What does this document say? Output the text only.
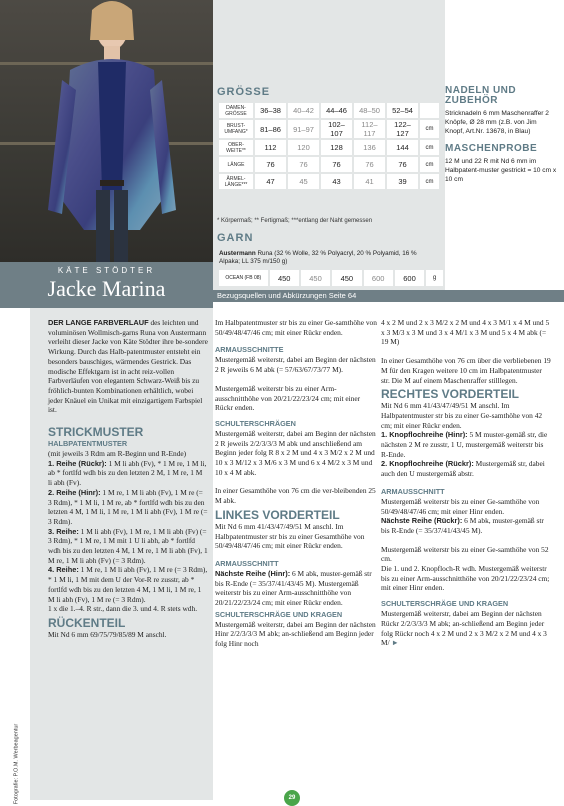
KÄTE STÖDTER
Jacke Marina
GRÖSSE
DAMEN-GRÖSSE	36–38	40–42	44–46	48–50	52–54	
BRUST-UMFANG*	81–86	91–97	102–107	112–117	122–127	cm
OBER-WEITE**	112	120	128	136	144	cm
LÄNGE	76	76	76	76	76	cm
ÄRMEL-LÄNGE***	47	45	43	41	39	cm
* Körpermaß; ** Fertigmaß; ***entlang der Naht gemessen
GARN
Austermann Runa (32 % Wolle, 32 % Polyacryl, 20 % Polyamid, 16 % Alpaka; LL 375 m/150 g)
OCEAN (FB 08)	450	450	450	600	600	g
Bezugsquellen und Abkürzungen Seite 64
NADELN UND ZUBEHÖR
Stricknadeln 6 mm Maschenraffer 2 Knöpfe, Ø 28 mm (z.B. von Jim Knopf, Art.Nr. 13678, in Blau)
MASCHENPROBE
12 M und 22 R mit Nd 6 mm im Halbpatent-muster gestrickt = 10 cm x 10 cm

DER LANGE FARBVERLAUF des leichten und voluminösen Wollmisch-garns Runa von Austermann verleiht dieser Jacke von Käte Stödter ihre be-sondere Wirkung. Durch das Halb-patentmuster entsteht ein besonders bauschiges, wärmendes Gestrick. Das modische Effektgarn ist in acht reiz-vollen Farbverläufen von elegantem Schwarz-Weiß bis zu fröhlich-bunten Kombinationen erhältlich, wobei jeder Knäuel ein Unikat mit einzigartigem Farbspiel ist.

STRICKMUSTER
HALBPATENTMUSTER

(mit jeweils 3 Rdm am R-Beginn und R-Ende)

1. Reihe (Rückr): 1 M li abh (Fv), * 1 M re, 1 M li, ab * fortlfd wdh bis zu den letzten 2 M, 1 M re, 1 M li abh (Fv).

2. Reihe (Hinr): 1 M re, 1 M li abh (Fv), 1 M re (= 3 Rdm), * 1 M li, 1 M re, ab * fortlfd wdh bis zu den letzten 4 M, 1 M li, 1 M re, 1 M li abh (Fv), 1 M re (= 3 Rdm).

3. Reihe: 1 M li abh (Fv), 1 M re, 1 M li abh (Fv) (= 3 Rdm), * 1 M re, 1 M mit 1 U li abh, ab * fortlfd wdh bis zu den letzten 4 M, 1 M re, 1 M li abh (Fv), 1 M re, 1 M li abh (Fv) (= 3 Rdm).

4. Reihe: 1 M re, 1 M li abh (Fv), 1 M re (= 3 Rdm), * 1 M li, 1 M mit dem U der Vor-R re zusstr, ab * fortlfd wdh bis zu den letzten 4 M, 1 M li, 1 M re, 1 M li abh (Fv), 1 M re (= 3 Rdm).

1 x die 1.–4. R str., dann die 3. und 4. R stets wdh.

RÜCKENTEIL

Mit Nd 6 mm 69/75/79/85/89 M anschl.

Im Halbpatentmuster str bis zu einer Ge-samthöhe von 50/49/48/47/46 cm; mit einer Rückr enden.

ARMAUSSCHNITTE

Mustergemäß weiterstr, dabei am Beginn der nächsten 2 R jeweils 6 M abk (= 57/63/67/73/77 M).

Mustergemäß weiterstr bis zu einer Arm-ausschnitthöhe von 20/21/22/23/24 cm; mit einer Rückr enden.

SCHULTERSCHRÄGEN

Mustergemäß weiterstr, dabei am Beginn der nächsten 2 R jeweils 2/2/3/3/3 M abk und anschließend am Beginn jeder folg R 8 x 2 M und 4 x 3 M/2 x 2 M und 10 x 3 M/12 x 3 M/6 x 3 M und 6 x 4 M/2 x 3 M und 10 x 4 M abk.

In einer Gesamthöhe von 76 cm die ver-bleibenden 25 M abk.

LINKES VORDERTEIL

Mit Nd 6 mm 41/43/47/49/51 M anschl. Im Halbpatentmuster str bis zu einer Gesamthöhe von 50/49/48/47/46 cm; mit einer Rückr enden.

ARMAUSSCHNITT

Nächste Reihe (Hinr): 6 M abk, muster-gemäß str bis R-Ende (= 35/37/41/43/45 M). Mustergemäß weiterstr bis zu einer Arm-ausschnitthöhe von 20/21/22/23/24 cm; mit einer Rückr enden.

SCHULTERSCHRÄGE UND KRAGEN

Mustergemäß weiterstr, dabei am Beginn der nächsten Hinr 2/2/3/3/3 M abk; an-schließend am Beginn jeder folg Hinr noch

4 x 2 M und 2 x 3 M/2 x 2 M und 4 x 3 M/1 x 4 M und 5 x 3 M/3 x 3 M und 3 x 4 M/1 x 3 M und 5 x 4 M abk (= 19 M)

In einer Gesamthöhe von 76 cm über die verbliebenen 19 M für den Kragen weitere 10 cm im Halbpatentmuster str. Die M auf einem Maschenraffer stilllegen.

RECHTES VORDERTEIL

Mit Nd 6 mm 41/43/47/49/51 M anschl. Im Halbpatentmuster str bis zu einer Ge-samthöhe von 42 cm; mit einer Rückr enden.

1. Knopflochreihe (Hinr): 5 M muster-gemäß str, die nächsten 2 M re zusstr, 1 U, mustergemäß weiterstr bis R-Ende.

2. Knopflochreihe (Rückr): Mustergemäß str, dabei auch den U mustergemäß abstr.

ARMAUSSCHNITT

Mustergemäß weiterstr bis zu einer Ge-samthöhe von 50/49/48/47/46 cm; mit einer Hinr enden.

Nächste Reihe (Rückr): 6 M abk, muster-gemäß str bis R-Ende (= 35/37/41/43/45 M).

Mustergemäß weiterstr bis zu einer Ge-samthöhe von 52 cm.

Die 1. und 2. Knopfloch-R wdh. Mustergemäß weiterstr bis zu einer Arm-ausschnitthöhe von 20/21/22/23/24 cm; mit einer Hinr enden.

SCHULTERSCHRÄGE UND KRAGEN

Mustergemäß weiterstr, dabei am Beginn der nächsten Rückr 2/2/3/3/3 M abk; an-schließend am Beginn jeder folg Rückr noch 4 x 2 M und 2 x 3 M/2 x 2 M und 4 x 3 M/ ►

Fotografie: P.O.M. Werbeagentur	29
